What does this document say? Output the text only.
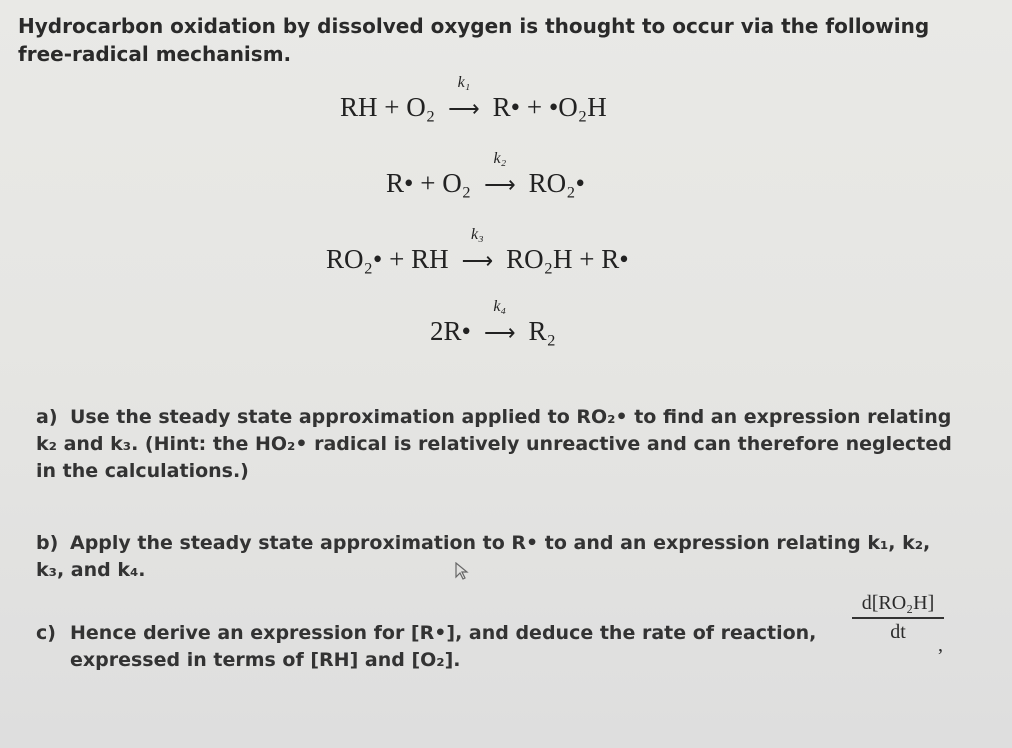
Hydrocarbon oxidation by dissolved oxygen is thought to occur via the following free-radical mechanism.
RH + O₂
k₁
⟶ R• + •O₂H
R• + O₂
k₂
⟶ RO₂•
RO₂• + RH
k₃
⟶ RO₂H + R•
2R•
k₄
⟶ R₂
a) Use the steady state approximation applied to RO₂• to find an expression relating k₂ and k₃. (Hint: the HO₂• radical is relatively unreactive and can therefore neglected in the calculations.)
b) Apply the steady state approximation to R• to and an expression relating k₁, k₂, k₃, and k₄.
c) Hence derive an expression for [R•], and deduce the rate of reaction,
expressed in terms of [RH] and [O₂].
$\frac{\text{d[RO₂H]}}{dt}$
,
